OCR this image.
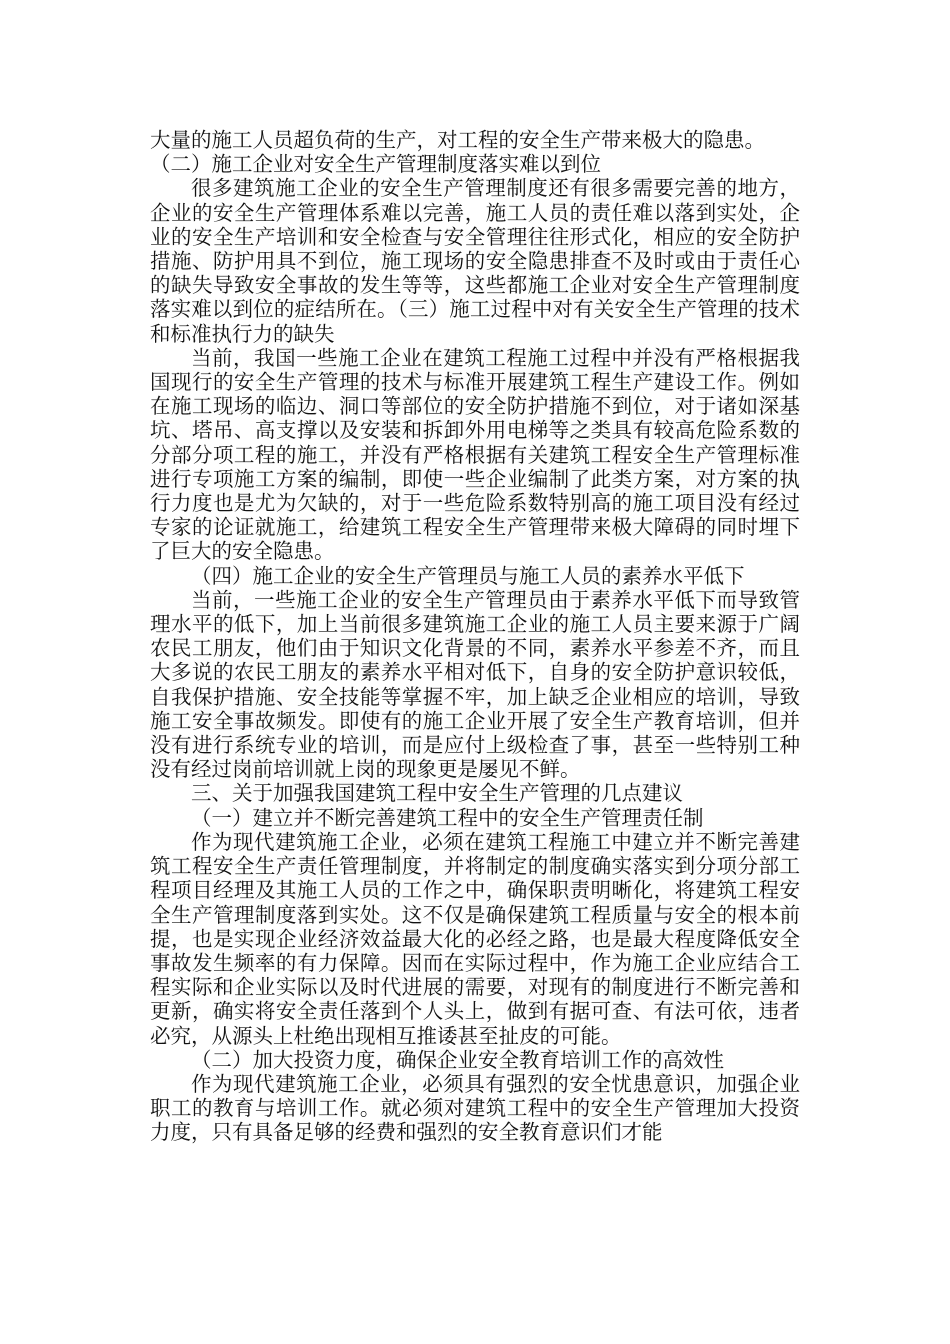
大量的施工人员超负荷的生产，对工程的安全生产带来极大的隐患。

（二）施工企业对安全生产管理制度落实难以到位

很多建筑施工企业的安全生产管理制度还有很多需要完善的地方，企业的安全生产管理体系难以完善，施工人员的责任难以落到实处，企业的安全生产培训和安全检查与安全管理往往形式化，相应的安全防护措施、防护用具不到位，施工现场的安全隐患排查不及时或由于责任心的缺失导致安全事故的发生等等，这些都施工企业对安全生产管理制度落实难以到位的症结所在。（三）施工过程中对有关安全生产管理的技术和标准执行力的缺失

当前，我国一些施工企业在建筑工程施工过程中并没有严格根据我国现行的安全生产管理的技术与标准开展建筑工程生产建设工作。例如在施工现场的临边、洞口等部位的安全防护措施不到位，对于诸如深基坑、塔吊、高支撑以及安装和拆卸外用电梯等之类具有较高危险系数的分部分项工程的施工，并没有严格根据有关建筑工程安全生产管理标准进行专项施工方案的编制，即使一些企业编制了此类方案，对方案的执行力度也是尤为欠缺的，对于一些危险系数特别高的施工项目没有经过专家的论证就施工，给建筑工程安全生产管理带来极大障碍的同时埋下了巨大的安全隐患。

（四）施工企业的安全生产管理员与施工人员的素养水平低下

当前，一些施工企业的安全生产管理员由于素养水平低下而导致管理水平的低下，加上当前很多建筑施工企业的施工人员主要来源于广阔农民工朋友，他们由于知识文化背景的不同，素养水平参差不齐，而且大多说的农民工朋友的素养水平相对低下，自身的安全防护意识较低，自我保护措施、安全技能等掌握不牢，加上缺乏企业相应的培训，导致施工安全事故频发。即使有的施工企业开展了安全生产教育培训，但并没有进行系统专业的培训，而是应付上级检查了事，甚至一些特别工种没有经过岗前培训就上岗的现象更是屡见不鲜。

三、关于加强我国建筑工程中安全生产管理的几点建议

（一）建立并不断完善建筑工程中的安全生产管理责任制

作为现代建筑施工企业，必须在建筑工程施工中建立并不断完善建筑工程安全生产责任管理制度，并将制定的制度确实落实到分项分部工程项目经理及其施工人员的工作之中，确保职责明晰化，将建筑工程安全生产管理制度落到实处。这不仅是确保建筑工程质量与安全的根本前提，也是实现企业经济效益最大化的必经之路，也是最大程度降低安全事故发生频率的有力保障。因而在实际过程中，作为施工企业应结合工程实际和企业实际以及时代进展的需要，对现有的制度进行不断完善和更新，确实将安全责任落到个人头上，做到有据可查、有法可依，违者必究，从源头上杜绝出现相互推诿甚至扯皮的可能。

（二）加大投资力度，确保企业安全教育培训工作的高效性

作为现代建筑施工企业，必须具有强烈的安全忧患意识，加强企业职工的教育与培训工作。就必须对建筑工程中的安全生产管理加大投资力度，只有具备足够的经费和强烈的安全教育意识们才能
